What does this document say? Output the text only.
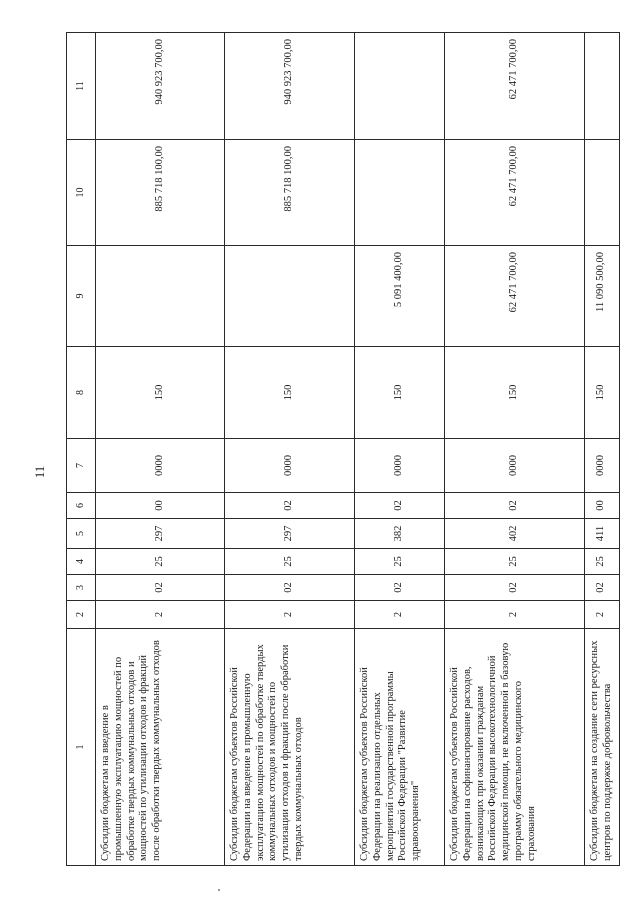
11
1	2	3	4	5	6	7	8	9	10	11
Субсидии бюджетам на введение в промышленную эксплуатацию мощностей по обработке твердых коммунальных отходов и мощностей по утилизации отходов и фракций после обработки твердых коммунальных отходов	2	02	25	297	00	0000	150		885 718 100,00	940 923 700,00
Субсидии бюджетам субъектов Российской Федерации на введение в промышленную эксплуатацию мощностей по обработке твердых коммунальных отходов и мощностей по утилизации отходов и фракций после обработки твердых коммунальных отходов	2	02	25	297	02	0000	150		885 718 100,00	940 923 700,00
Субсидии бюджетам субъектов Российской Федерации на реализацию отдельных мероприятий государственной программы Российской Федерации "Развитие здравоохранения"	2	02	25	382	02	0000	150	5 091 400,00		
Субсидии бюджетам субъектов Российской Федерации на софинансирование расходов, возникающих при оказании гражданам Российской Федерации высокотехнологичной медицинской помощи, не включенной в базовую программу обязательного медицинского страхования	2	02	25	402	02	0000	150	62 471 700,00	62 471 700,00	62 471 700,00
Субсидии бюджетам на создание сети ресурсных центров по поддержке добровольчества	2	02	25	411	00	0000	150	11 090 500,00		
